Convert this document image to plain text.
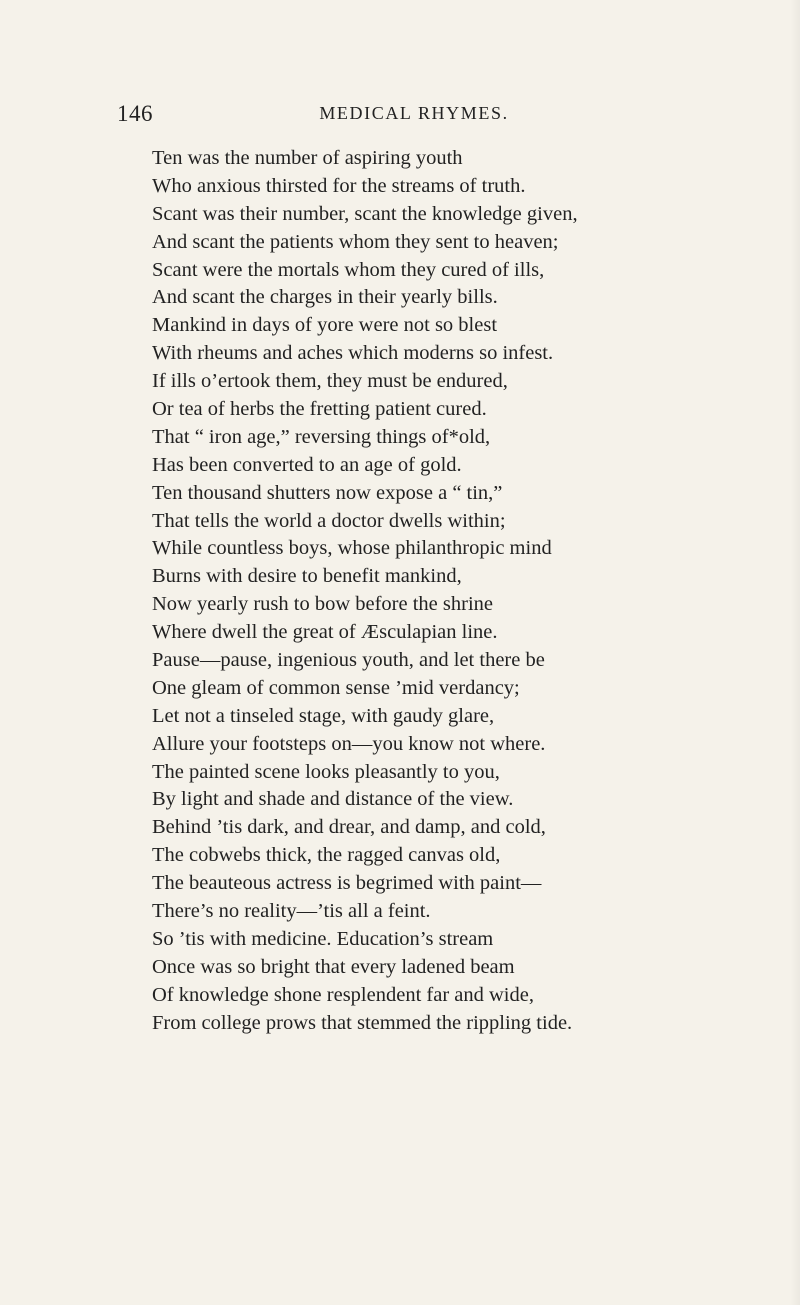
146	MEDICAL RHYMES.
Ten was the number of aspiring youth
Who anxious thirsted for the streams of truth.
Scant was their number, scant the knowledge given,
And scant the patients whom they sent to heaven;
Scant were the mortals whom they cured of ills,
And scant the charges in their yearly bills.
Mankind in days of yore were not so blest
With rheums and aches which moderns so infest.
If ills o’ertook them, they must be endured,
Or tea of herbs the fretting patient cured.
That “ iron age,” reversing things of*old,
Has been converted to an age of gold.
Ten thousand shutters now expose a “ tin,”
That tells the world a doctor dwells within;
While countless boys, whose philanthropic mind
Burns with desire to benefit mankind,
Now yearly rush to bow before the shrine
Where dwell the great of Æsculapian line.
Pause—pause, ingenious youth, and let there be
One gleam of common sense ’mid verdancy;
Let not a tinseled stage, with gaudy glare,
Allure your footsteps on—you know not where.
The painted scene looks pleasantly to you,
By light and shade and distance of the view.
Behind ’tis dark, and drear, and damp, and cold,
The cobwebs thick, the ragged canvas old,
The beauteous actress is begrimed with paint—
There’s no reality—’tis all a feint.
So ’tis with medicine. Education’s stream
Once was so bright that every ladened beam
Of knowledge shone resplendent far and wide,
From college prows that stemmed the rippling tide.
